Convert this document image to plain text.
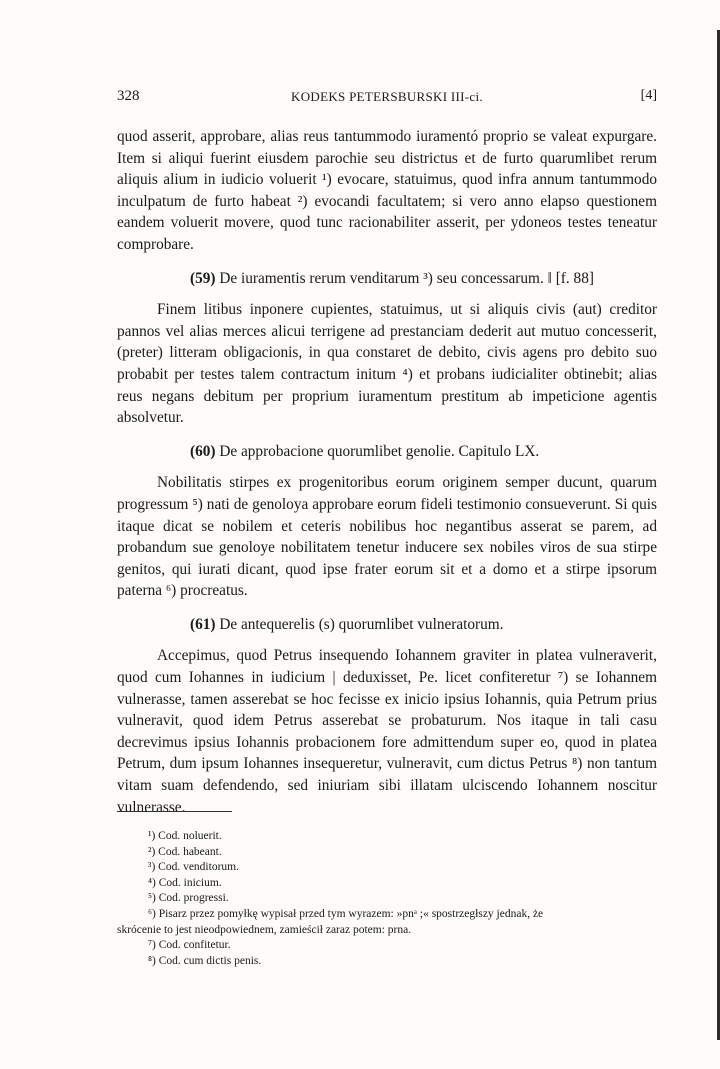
328	KODEKS PETERSBURSKI III-ci.	[4]

quod asserit, approbare, alias reus tantummodo iuramentó proprio se valeat expurgare. Item si aliqui fuerint eiusdem parochie seu districtus et de furto quarumlibet rerum aliquis alium in iudicio voluerit ¹) evocare, statuimus, quod infra annum tantummodo inculpatum de furto habeat ²) evocandi facultatem; si vero anno elapso questionem eandem voluerit movere, quod tunc racionabiliter asserit, per ydoneos testes teneatur comprobare.

(59) De iuramentis rerum venditarum ³) seu concessarum. ‖ [f. 88]

Finem litibus inponere cupientes, statuimus, ut si aliquis civis (aut) creditor pannos vel alias merces alicui terrigene ad prestanciam dederit aut mutuo concesserit, (preter) litteram obligacionis, in qua constaret de debito, civis agens pro debito suo probabit per testes talem contractum initum ⁴) et probans iudicialiter obtinebit; alias reus negans debitum per proprium iuramentum prestitum ab impeticione agentis absolvetur.

(60) De approbacione quorumlibet genolie. Capitulo LX.

Nobilitatis stirpes ex progenitoribus eorum originem semper ducunt, quarum progressum ⁵) nati de genoloya approbare eorum fideli testimonio consueverunt. Si quis itaque dicat se nobilem et ceteris nobilibus hoc negantibus asserat se parem, ad probandum sue genoloye nobilitatem tenetur inducere sex nobiles viros de sua stirpe genitos, qui iurati dicant, quod ipse frater eorum sit et a domo et a stirpe ipsorum paterna ⁶) procreatus.

(61) De antequerelis (s) quorumlibet vulneratorum.

Accepimus, quod Petrus insequendo Iohannem graviter in platea vulneraverit, quod cum Iohannes in iudicium | deduxisset, Pe. licet confiteretur ⁷) se Iohannem vulnerasse, tamen asserebat se hoc fecisse ex inicio ipsius Iohannis, quia Petrum prius vulneravit, quod idem Petrus asserebat se probaturum. Nos itaque in tali casu decrevimus ipsius Iohannis probacionem fore admittendum super eo, quod in platea Petrum, dum ipsum Iohannes insequeretur, vulneravit, cum dictus Petrus ⁸) non tantum vitam suam defendendo, sed iniuriam sibi illatam ulciscendo Iohannem noscitur vulnerasse.

¹) Cod. noluerit.

²) Cod. habeant.

³) Cod. venditorum.

⁴) Cod. inicium.

⁵) Cod. progressi.

⁶) Pisarz przez pomyłkę wypisał przed tym wyrazem: »pnᵃ ;« spostrzegłszy jednak, że

skrócenie to jest nieodpowiednem, zamieścił zaraz potem: prna.

⁷) Cod. confitetur.

⁸) Cod. cum dictis penis.
